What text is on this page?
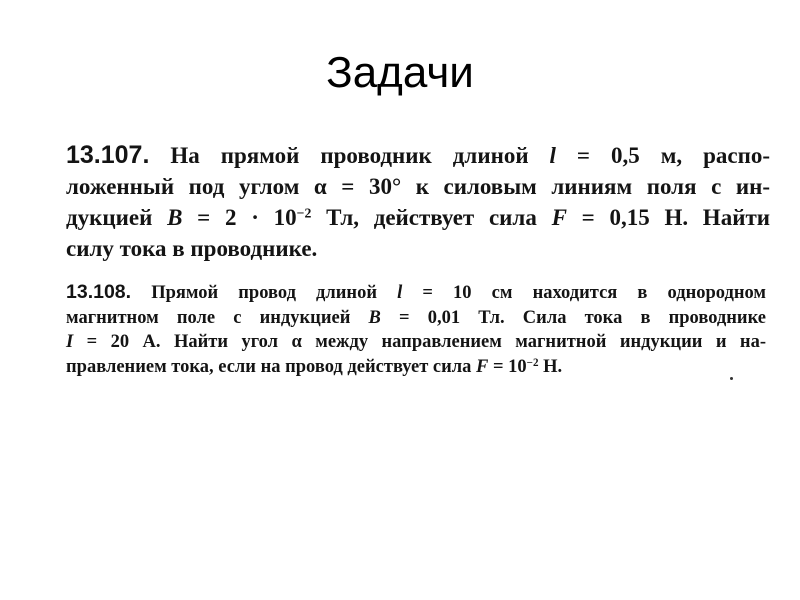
Задачи
13.107. На прямой проводник длиной l = 0,5 м, распо-
ложенный под углом α = 30° к силовым линиям поля с ин-
дукцией $B = 2 \cdot 10^{-2}$ Тл, действует сила F = 0,15 Н. Найти
силу тока в проводнике.
13.108. Прямой провод длиной l = 10 см находится в однородном
магнитном поле с индукцией B = 0,01 Тл. Сила тока в проводнике
I = 20 А. Найти угол α между направлением магнитной индукции и на-
правлением тока, если на провод действует сила $F = 10^{-2}$ Н.
